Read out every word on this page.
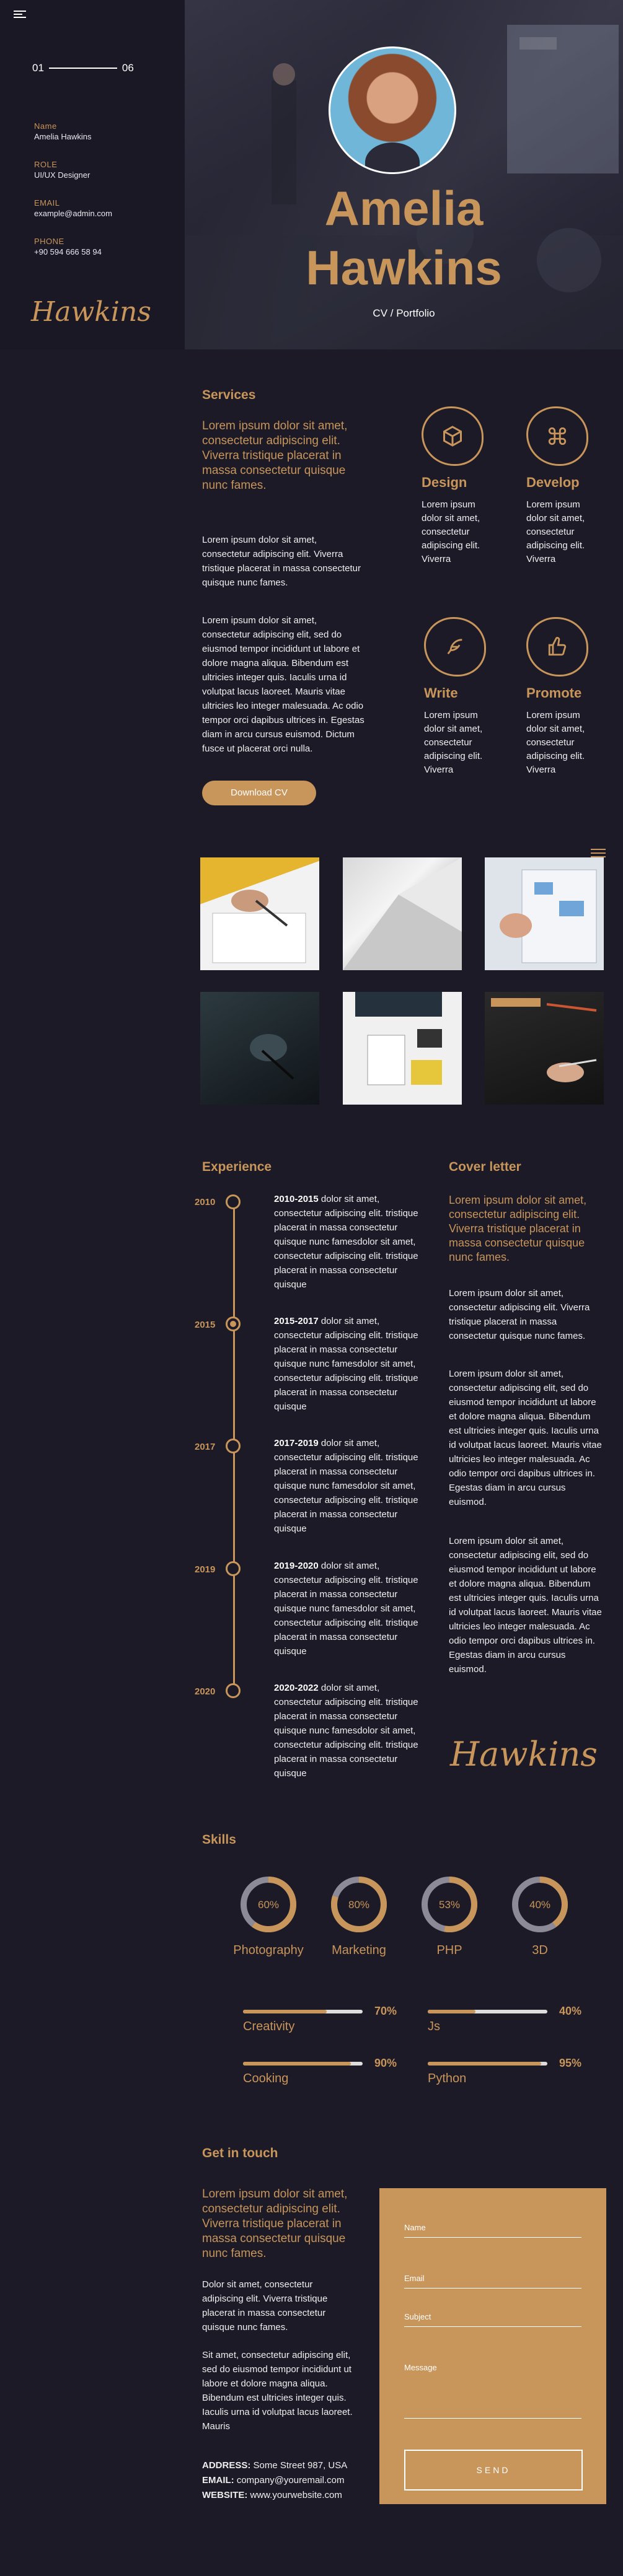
01	06
Name
Amelia Hawkins
ROLE
UI/UX Designer
EMAIL
example@admin.com
PHONE
+90 594 666 58 94
Hawkins
Amelia
Hawkins
CV / Portfolio
Services
Lorem ipsum dolor sit amet, consectetur adipiscing elit. Viverra tristique placerat in massa consectetur quisque nunc fames.
Lorem ipsum dolor sit amet, consectetur adipiscing elit. Viverra tristique placerat in massa consectetur quisque nunc fames.
Lorem ipsum dolor sit amet, consectetur adipiscing elit, sed do eiusmod tempor incididunt ut labore et dolore magna aliqua. Bibendum est ultricies integer quis. Iaculis urna id volutpat lacus laoreet. Mauris vitae ultricies leo integer malesuada. Ac odio tempor orci dapibus ultrices in. Egestas diam in arcu cursus euismod. Dictum fusce ut placerat orci nulla.
Download CV
Design
Lorem ipsum dolor sit amet, consectetur adipiscing elit. Viverra
Develop
Lorem ipsum dolor sit amet, consectetur adipiscing elit. Viverra
Write
Lorem ipsum dolor sit amet, consectetur adipiscing elit. Viverra
Promote
Lorem ipsum dolor sit amet, consectetur adipiscing elit. Viverra
Experience
2010	2010-2015 dolor sit amet, consectetur adipiscing elit. tristique placerat in massa consectetur quisque nunc famesdolor sit amet, consectetur adipiscing elit. tristique placerat in massa consectetur quisque
2015	2015-2017 dolor sit amet, consectetur adipiscing elit. tristique placerat in massa consectetur quisque nunc famesdolor sit amet, consectetur adipiscing elit. tristique placerat in massa consectetur quisque
2017	2017-2019 dolor sit amet, consectetur adipiscing elit. tristique placerat in massa consectetur quisque nunc famesdolor sit amet, consectetur adipiscing elit. tristique placerat in massa consectetur quisque
2019	2019-2020 dolor sit amet, consectetur adipiscing elit. tristique placerat in massa consectetur quisque nunc famesdolor sit amet, consectetur adipiscing elit. tristique placerat in massa consectetur quisque
2020	2020-2022 dolor sit amet, consectetur adipiscing elit. tristique placerat in massa consectetur quisque nunc famesdolor sit amet, consectetur adipiscing elit. tristique placerat in massa consectetur quisque
Cover letter
Lorem ipsum dolor sit amet, consectetur adipiscing elit. Viverra tristique placerat in massa consectetur quisque nunc fames.
Lorem ipsum dolor sit amet, consectetur adipiscing elit. Viverra tristique placerat in massa consectetur quisque nunc fames.
Lorem ipsum dolor sit amet, consectetur adipiscing elit, sed do eiusmod tempor incididunt ut labore et dolore magna aliqua. Bibendum est ultricies integer quis. Iaculis urna id volutpat lacus laoreet. Mauris vitae ultricies leo integer malesuada. Ac odio tempor orci dapibus ultrices in. Egestas diam in arcu cursus euismod.
Lorem ipsum dolor sit amet, consectetur adipiscing elit, sed do eiusmod tempor incididunt ut labore et dolore magna aliqua. Bibendum est ultricies integer quis. Iaculis urna id volutpat lacus laoreet. Mauris vitae ultricies leo integer malesuada. Ac odio tempor orci dapibus ultrices in. Egestas diam in arcu cursus euismod.
Hawkins
Skills
60%
Photography
80%
Marketing
53%
PHP
40%
3D
70%
Creativity
40%
Js
90%
Cooking
95%
Python
Get in touch
Lorem ipsum dolor sit amet, consectetur adipiscing elit. Viverra tristique placerat in massa consectetur quisque nunc fames.
Dolor sit amet, consectetur adipiscing elit. Viverra tristique placerat in massa consectetur quisque nunc fames.
Sit amet, consectetur adipiscing elit, sed do eiusmod tempor incididunt ut labore et dolore magna aliqua. Bibendum est ultricies integer quis. Iaculis urna id volutpat lacus laoreet. Mauris
ADDRESS: Some Street 987, USA
EMAIL: company@youremail.com
WEBSITE: www.yourwebsite.com
Name
Email
Subject
Message
SEND
